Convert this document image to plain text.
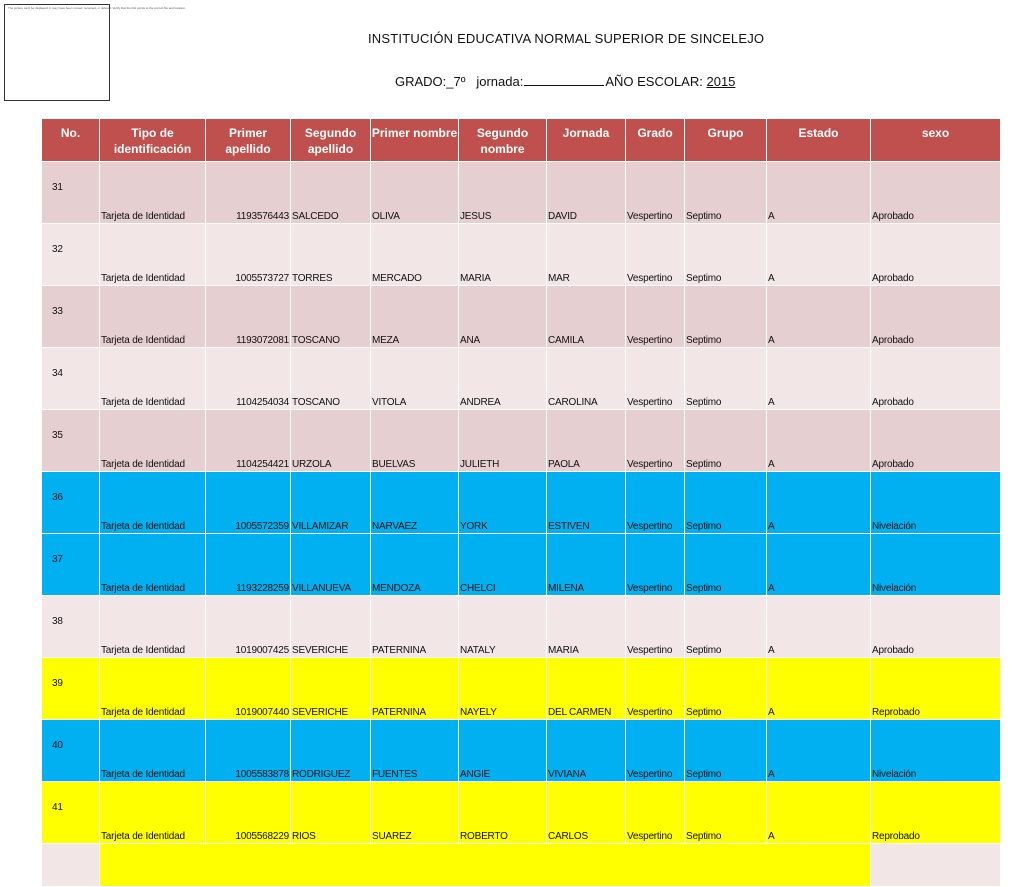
The picture can't be displayed. It may have been moved, renamed, or deleted. Verify that the link points to the correct file and location.
INSTITUCIÓN EDUCATIVA NORMAL SUPERIOR DE SINCELEJO
GRADO:_7º jornada:	AÑO ESCOLAR: 2015
No.	Tipo de identificación	Primer apellido	Segundo apellido	Primer nombre	Segundo nombre	Jornada	Grado	Grupo	Estado	sexo
31	Tarjeta de Identidad	1193576443	SALCEDO	OLIVA	JESUS	DAVID	Vespertino	Septimo	A	Aprobado
32	Tarjeta de Identidad	1005573727	TORRES	MERCADO	MARIA	MAR	Vespertino	Septimo	A	Aprobado
33	Tarjeta de Identidad	1193072081	TOSCANO	MEZA	ANA	CAMILA	Vespertino	Septimo	A	Aprobado
34	Tarjeta de Identidad	1104254034	TOSCANO	VITOLA	ANDREA	CAROLINA	Vespertino	Septimo	A	Aprobado
35	Tarjeta de Identidad	1104254421	URZOLA	BUELVAS	JULIETH	PAOLA	Vespertino	Septimo	A	Aprobado
36	Tarjeta de Identidad	1005572359	VILLAMIZAR	NARVAEZ	YORK	ESTIVEN	Vespertino	Septimo	A	Nivelación
37	Tarjeta de Identidad	1193228259	VILLANUEVA	MENDOZA	CHELCI	MILENA	Vespertino	Septimo	A	Nivelación
38	Tarjeta de Identidad	1019007425	SEVERICHE	PATERNINA	NATALY	MARIA	Vespertino	Septimo	A	Aprobado
39	Tarjeta de Identidad	1019007440	SEVERICHE	PATERNINA	NAYELY	DEL CARMEN	Vespertino	Septimo	A	Reprobado
40	Tarjeta de Identidad	1005583878	RODRIGUEZ	FUENTES	ANGIE	VIVIANA	Vespertino	Septimo	A	Nivelación
41	Tarjeta de Identidad	1005568229	RIOS	SUAREZ	ROBERTO	CARLOS	Vespertino	Septimo	A	Reprobado
